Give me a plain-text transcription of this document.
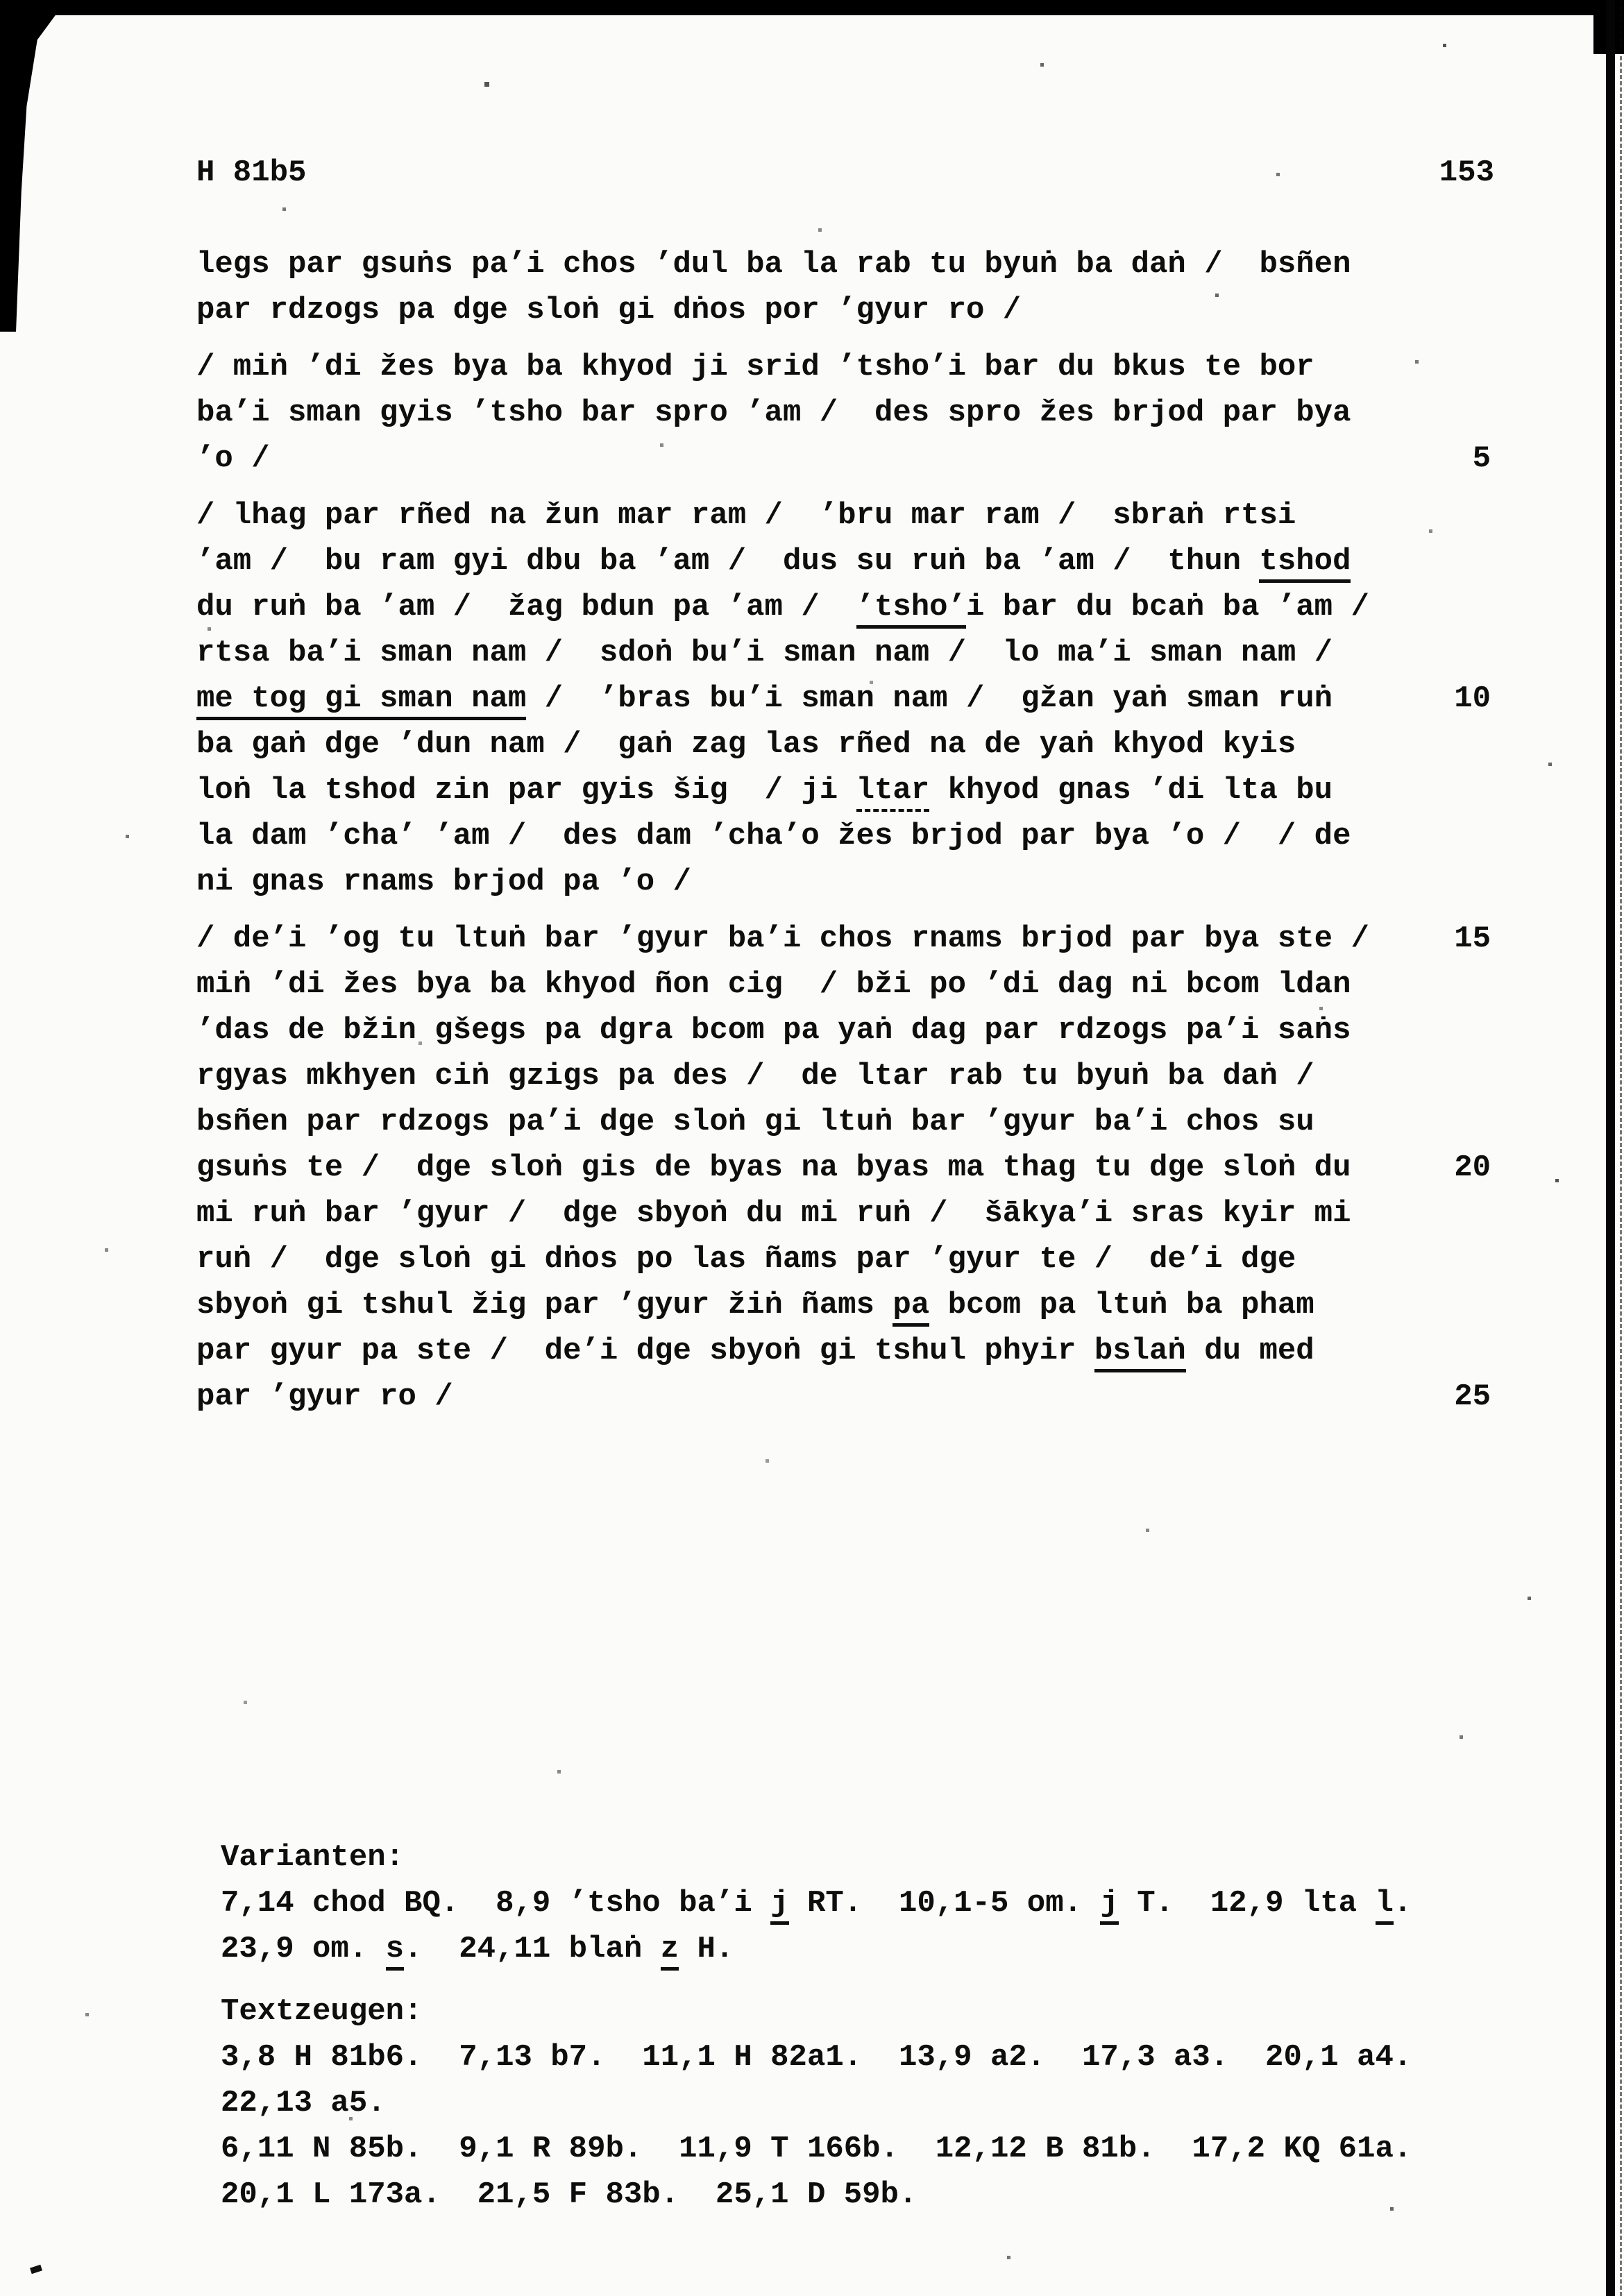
H 81b5	153
legs par gsuṅs pa’i chos ’dul ba la rab tu byuṅ ba daṅ /  bsñen
par rdzogs pa dge sloṅ gi dṅos por ’gyur ro /
/ miṅ ’di žes bya ba khyod ji srid ’tsho’i bar du bkus te bor
ba’i sman gyis ’tsho bar spro ’am /  des spro žes brjod par bya
’o /	5
/ lhag par rñed na žun mar ram /  ’bru mar ram /  sbraṅ rtsi
’am /  bu ram gyi dbu ba ’am /  dus su ruṅ ba ’am /  thun tshod
du ruṅ ba ’am /  žag bdun pa ’am /  ’tsho’i bar du bcaṅ ba ’am /
rtsa ba’i sman nam /  sdoṅ bu’i sman nam /  lo ma’i sman nam /
me tog gi sman nam /  ’bras bu’i sman nam /  gžan yaṅ sman ruṅ	10
ba gaṅ dge ’dun nam /  gaṅ zag las rñed na de yaṅ khyod kyis
loṅ la tshod zin par gyis šig  / ji ltar khyod gnas ’di lta bu
la dam ’cha’ ’am /  des dam ’cha’o žes brjod par bya ’o /  / de
ni gnas rnams brjod pa ’o /
/ de’i ’og tu ltuṅ bar ’gyur ba’i chos rnams brjod par bya ste /	15
miṅ ’di žes bya ba khyod ñon cig  / bži po ’di dag ni bcom ldan
’das de bžin gšegs pa dgra bcom pa yaṅ dag par rdzogs pa’i saṅs
rgyas mkhyen ciṅ gzigs pa des /  de ltar rab tu byuṅ ba daṅ /
bsñen par rdzogs pa’i dge sloṅ gi ltuṅ bar ’gyur ba’i chos su
gsuṅs te /  dge sloṅ gis de byas na byas ma thag tu dge sloṅ du	20
mi ruṅ bar ’gyur /  dge sbyoṅ du mi ruṅ /  šākya’i sras kyir mi
ruṅ /  dge sloṅ gi dṅos po las ñams par ’gyur te /  de’i dge
sbyoṅ gi tshul žig par ’gyur žiṅ ñams pa bcom pa ltuṅ ba pham
par gyur pa ste /  de’i dge sbyoṅ gi tshul phyir bslaṅ du med
par ’gyur ro /	25
Varianten:
7,14 chod BQ.  8,9 ’tsho ba’i j RT.  10,1-5 om. j T.  12,9 lta l.
23,9 om. s.  24,11 blaṅ z H.
Textzeugen:
3,8 H 81b6.  7,13 b7.  11,1 H 82a1.  13,9 a2.  17,3 a3.  20,1 a4.
22,13 a5.
6,11 N 85b.  9,1 R 89b.  11,9 T 166b.  12,12 B 81b.  17,2 KQ 61a.
20,1 L 173a.  21,5 F 83b.  25,1 D 59b.
